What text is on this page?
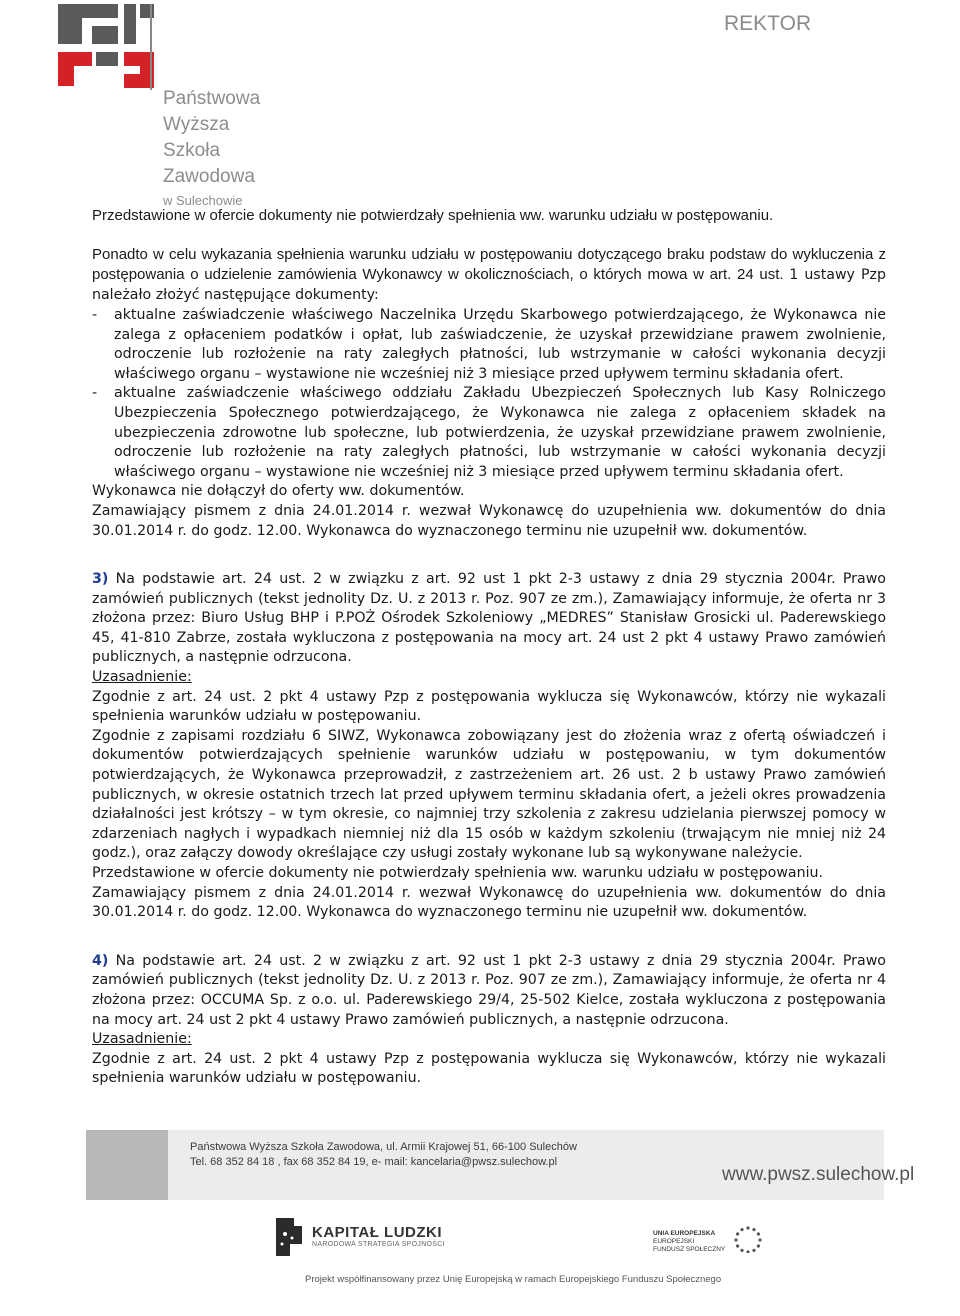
Państwowa
Wyższa
Szkoła
Zawodowa
w Sulechowie
REKTOR

Przedstawione w ofercie dokumenty nie potwierdzały spełnienia ww. warunku udziału w postępowaniu.

Ponadto w celu wykazania spełnienia warunku udziału w postępowaniu dotyczącego braku podstaw do wykluczenia z postępowania o udzielenie zamówienia Wykonawcy w okolicznościach, o których mowa w art. 24 ust. 1 ustawy Pzp należało złożyć następujące dokumenty:

-	aktualne zaświadczenie właściwego Naczelnika Urzędu Skarbowego potwierdzającego, że Wykonawca nie zalega z opłaceniem podatków i opłat, lub zaświadczenie, że uzyskał przewidziane prawem zwolnienie, odroczenie lub rozłożenie na raty zaległych płatności, lub wstrzymanie w całości wykonania decyzji właściwego organu – wystawione nie wcześniej niż 3 miesiące przed upływem terminu składania ofert.
-	aktualne zaświadczenie właściwego oddziału Zakładu Ubezpieczeń Społecznych lub Kasy Rolniczego Ubezpieczenia Społecznego potwierdzającego, że Wykonawca nie zalega z opłaceniem składek na ubezpieczenia zdrowotne lub społeczne, lub potwierdzenia, że uzyskał przewidziane prawem zwolnienie, odroczenie lub rozłożenie na raty zaległych płatności, lub wstrzymanie w całości wykonania decyzji właściwego organu – wystawione nie wcześniej niż 3 miesiące przed upływem terminu składania ofert.

Wykonawca nie dołączył do oferty ww. dokumentów.

Zamawiający pismem z dnia 24.01.2014 r. wezwał Wykonawcę do uzupełnienia ww. dokumentów do dnia 30.01.2014 r. do godz. 12.00. Wykonawca do wyznaczonego terminu nie uzupełnił ww. dokumentów.

3) Na podstawie art. 24 ust. 2 w związku z art. 92 ust 1 pkt 2-3 ustawy z dnia 29 stycznia 2004r. Prawo zamówień publicznych (tekst jednolity Dz. U. z 2013 r. Poz. 907 ze zm.), Zamawiający informuje, że oferta nr 3 złożona przez: Biuro Usług BHP i P.POŻ Ośrodek Szkoleniowy „MEDRES” Stanisław Grosicki ul. Paderewskiego 45, 41-810 Zabrze, została wykluczona z postępowania na mocy art. 24 ust 2 pkt 4 ustawy Prawo zamówień publicznych, a następnie odrzucona.

Uzasadnienie:

Zgodnie z art. 24 ust. 2 pkt 4 ustawy Pzp z postępowania wyklucza się Wykonawców, którzy nie wykazali spełnienia warunków udziału w postępowaniu.

Zgodnie z zapisami rozdziału 6 SIWZ, Wykonawca zobowiązany jest do złożenia wraz z ofertą oświadczeń i dokumentów potwierdzających spełnienie warunków udziału w postępowaniu, w tym dokumentów potwierdzających, że Wykonawca przeprowadził, z zastrzeżeniem art. 26 ust. 2 b ustawy Prawo zamówień publicznych, w okresie ostatnich trzech lat przed upływem terminu składania ofert, a jeżeli okres prowadzenia działalności jest krótszy – w tym okresie, co najmniej trzy szkolenia z zakresu udzielania pierwszej pomocy w zdarzeniach nagłych i wypadkach niemniej niż dla 15 osób w każdym szkoleniu (trwającym nie mniej niż 24 godz.), oraz załączy dowody określające czy usługi zostały wykonane lub są wykonywane należycie.

Przedstawione w ofercie dokumenty nie potwierdzały spełnienia ww. warunku udziału w postępowaniu.

Zamawiający pismem z dnia 24.01.2014 r. wezwał Wykonawcę do uzupełnienia ww. dokumentów do dnia 30.01.2014 r. do godz. 12.00. Wykonawca do wyznaczonego terminu nie uzupełnił ww. dokumentów.

4) Na podstawie art. 24 ust. 2 w związku z art. 92 ust 1 pkt 2-3 ustawy z dnia 29 stycznia 2004r. Prawo zamówień publicznych (tekst jednolity Dz. U. z 2013 r. Poz. 907 ze zm.), Zamawiający informuje, że oferta nr 4 złożona przez: OCCUMA Sp. z o.o. ul. Paderewskiego 29/4, 25-502 Kielce, została wykluczona z postępowania na mocy art. 24 ust 2 pkt 4 ustawy Prawo zamówień publicznych, a następnie odrzucona.

Uzasadnienie:

Zgodnie z art. 24 ust. 2 pkt 4 ustawy Pzp z postępowania wyklucza się Wykonawców, którzy nie wykazali spełnienia warunków udziału w postępowaniu.

Państwowa Wyższa Szkoła Zawodowa, ul. Armii Krajowej 51, 66-100 Sulechów
Tel. 68 352 84 18 , fax 68 352 84 19, e- mail: kancelaria@pwsz.sulechow.pl
www.pwsz.sulechow.pl
KAPITAŁ LUDZKI
NARODOWA STRATEGIA SPÓJNOŚCI
UNIA EUROPEJSKA
EUROPEJSKI
FUNDUSZ SPOŁECZNY
Projekt współfinansowany przez Unię Europejską w ramach Europejskiego Funduszu Społecznego
